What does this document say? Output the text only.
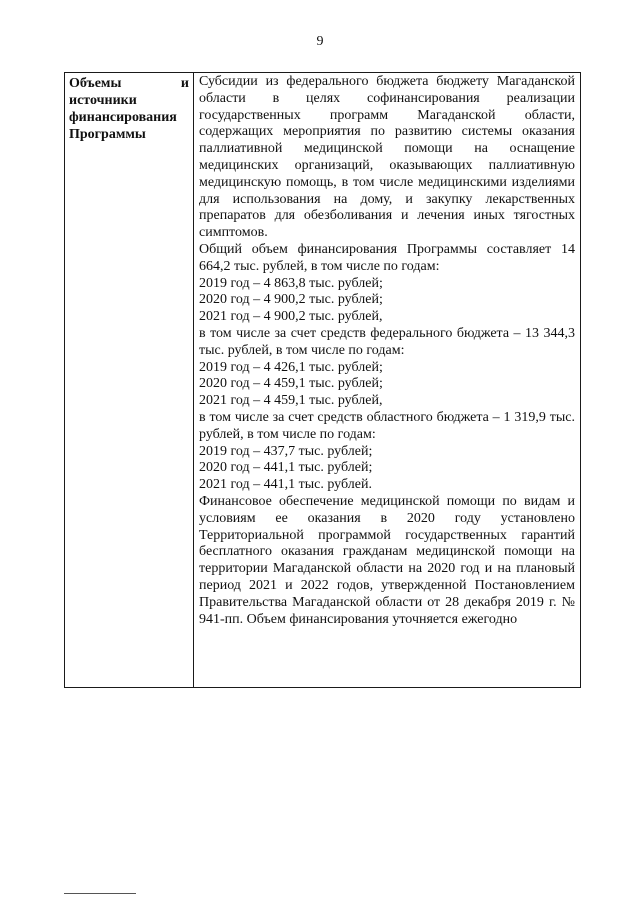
9
Объемы и
источники
финансирования
Программы

Субсидии из федерального бюджета бюджету Магаданской области в целях софинансирования реализации государственных программ Магаданской области, содержащих мероприятия по развитию системы оказания паллиативной медицинской помощи на оснащение медицинских организаций, оказывающих паллиативную медицинскую помощь, в том числе медицинскими изделиями для использования на дому, и закупку лекарственных препаратов для обезболивания и лечения иных тягостных симптомов.

Общий объем финансирования Программы составляет 14 664,2 тыс. рублей, в том числе по годам:

2019 год – 4 863,8 тыс. рублей;
2020 год – 4 900,2 тыс. рублей;
2021 год – 4 900,2 тыс. рублей,

в том числе за счет средств федерального бюджета – 13 344,3 тыс. рублей, в том числе по годам:

2019 год – 4 426,1 тыс. рублей;
2020 год – 4 459,1 тыс. рублей;
2021 год – 4 459,1 тыс. рублей,

в том числе за счет средств областного бюджета – 1 319,9 тыс. рублей, в том числе по годам:

2019 год – 437,7 тыс. рублей;
2020 год – 441,1 тыс. рублей;
2021 год – 441,1 тыс. рублей.

Финансовое обеспечение медицинской помощи по видам и условиям ее оказания в 2020 году установлено Территориальной программой государственных гарантий бесплатного оказания гражданам медицинской помощи на территории Магаданской области на 2020 год и на плановый период 2021 и 2022 годов, утвержденной Постановлением Правительства Магаданской области от 28 декабря 2019 г. № 941-пп. Объем финансирования уточняется ежегодно
